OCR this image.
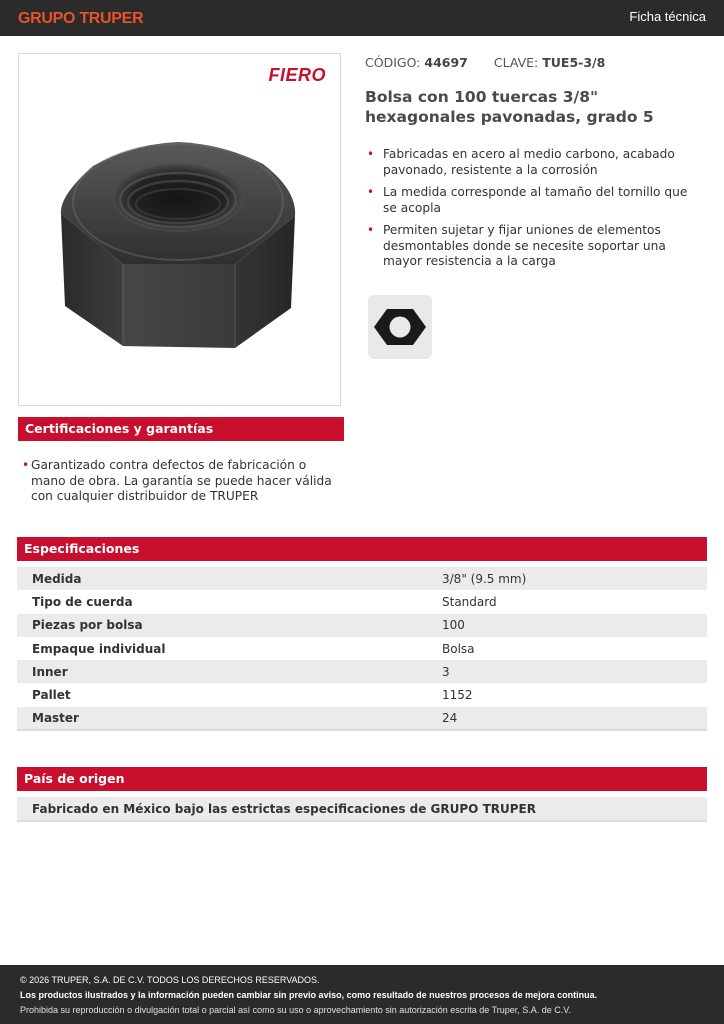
GRUPO TRUPER	Ficha técnica
FIERO
CÓDIGO: 44697 CLAVE: TUE5-3/8
Bolsa con 100 tuercas 3/8" hexagonales pavonadas, grado 5
• Fabricadas en acero al medio carbono, acabado pavonado, resistente a la corrosión
• La medida corresponde al tamaño del tornillo que se acopla
• Permiten sujetar y fijar uniones de elementos desmontables donde se necesite soportar una mayor resistencia a la carga
Certificaciones y garantías
• Garantizado contra defectos de fabricación o mano de obra. La garantía se puede hacer válida con cualquier distribuidor de TRUPER
Especificaciones
Medida	3/8" (9.5 mm)
Tipo de cuerda	Standard
Piezas por bolsa	100
Empaque individual	Bolsa
Inner	3
Pallet	1152
Master	24
País de origen
Fabricado en México bajo las estrictas especificaciones de GRUPO TRUPER
© 2026 TRUPER, S.A. DE C.V. TODOS LOS DERECHOS RESERVADOS.
Los productos ilustrados y la información pueden cambiar sin previo aviso, como resultado de nuestros procesos de mejora continua.
Prohibida su reproducción o divulgación total o parcial así como su uso o aprovechamiento sin autorización escrita de Truper, S.A. de C.V.
